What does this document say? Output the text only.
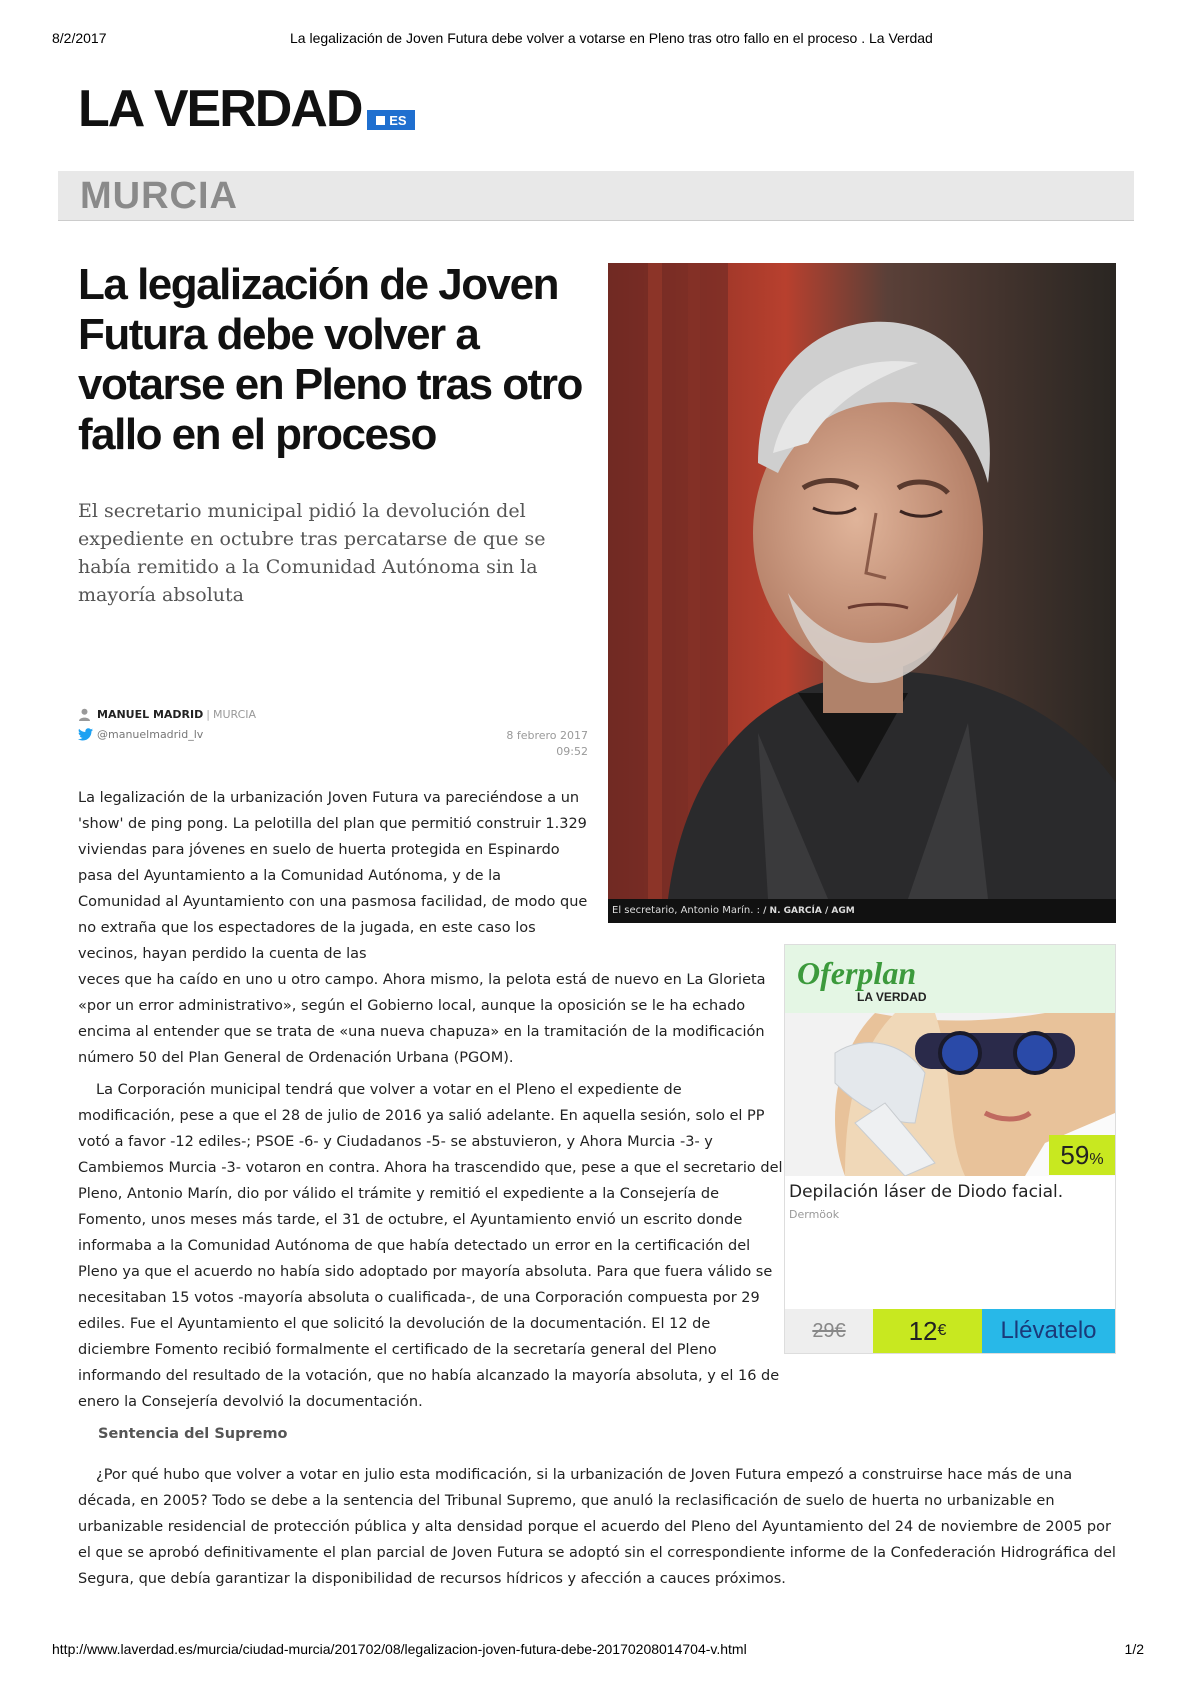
8/2/2017	La legalización de Joven Futura debe volver a votarse en Pleno tras otro fallo en el proceso . La Verdad
LA VERDAD ES
MURCIA
La legalización de Joven Futura debe volver a votarse en Pleno tras otro fallo en el proceso

El secretario municipal pidió la devolución del expediente en octubre tras percatarse de que se había remitido a la Comunidad Autónoma sin la mayoría absoluta

MANUEL MADRID | MURCIA
@manuelmadrid_lv	8 febrero 2017
09:52
El secretario, Antonio Marín. : / N. GARCÍA / AGM

La legalización de la urbanización Joven Futura va pareciéndose a un 'show' de ping pong. La pelotilla del plan que permitió construir 1.329 viviendas para jóvenes en suelo de huerta protegida en Espinardo pasa del Ayuntamiento a la Comunidad Autónoma, y de la Comunidad al Ayuntamiento con una pasmosa facilidad, de modo que no extraña que los espectadores de la jugada, en este caso los vecinos, hayan perdido la cuenta de las

veces que ha caído en uno u otro campo. Ahora mismo, la pelota está de nuevo en La Glorieta «por un error administrativo», según el Gobierno local, aunque la oposición se le ha echado encima al entender que se trata de «una nueva chapuza» en la tramitación de la modificación número 50 del Plan General de Ordenación Urbana (PGOM).

La Corporación municipal tendrá que volver a votar en el Pleno el expediente de modificación, pese a que el 28 de julio de 2016 ya salió adelante. En aquella sesión, solo el PP votó a favor -12 ediles-; PSOE -6- y Ciudadanos -5- se abstuvieron, y Ahora Murcia -3- y Cambiemos Murcia -3- votaron en contra. Ahora ha trascendido que, pese a que el secretario del Pleno, Antonio Marín, dio por válido el trámite y remitió el expediente a la Consejería de Fomento, unos meses más tarde, el 31 de octubre, el Ayuntamiento envió un escrito donde informaba a la Comunidad Autónoma de que había detectado un error en la certificación del Pleno ya que el acuerdo no había sido adoptado por mayoría absoluta. Para que fuera válido se necesitaban 15 votos -mayoría absoluta o cualificada-, de una Corporación compuesta por 29 ediles. Fue el Ayuntamiento el que solicitó la devolución de la documentación. El 12 de diciembre Fomento recibió formalmente el certificado de la secretaría general del Pleno informando del resultado de la votación, que no había alcanzado la mayoría absoluta, y el 16 de enero la Consejería devolvió la documentación.

Sentencia del Supremo

¿Por qué hubo que volver a votar en julio esta modificación, si la urbanización de Joven Futura empezó a construirse hace más de una década, en 2005? Todo se debe a la sentencia del Tribunal Supremo, que anuló la reclasificación de suelo de huerta no urbanizable en urbanizable residencial de protección pública y alta densidad porque el acuerdo del Pleno del Ayuntamiento del 24 de noviembre de 2005 por el que se aprobó definitivamente el plan parcial de Joven Futura se adoptó sin el correspondiente informe de la Confederación Hidrográfica del Segura, que debía garantizar la disponibilidad de recursos hídricos y afección a cauces próximos.

Oferplan
LA VERDAD
59%
Depilación láser de Diodo facial.
Dermöok
29€	12 €	Llévatelo
http://www.laverdad.es/murcia/ciudad-murcia/201702/08/legalizacion-joven-futura-debe-20170208014704-v.html	1/2
